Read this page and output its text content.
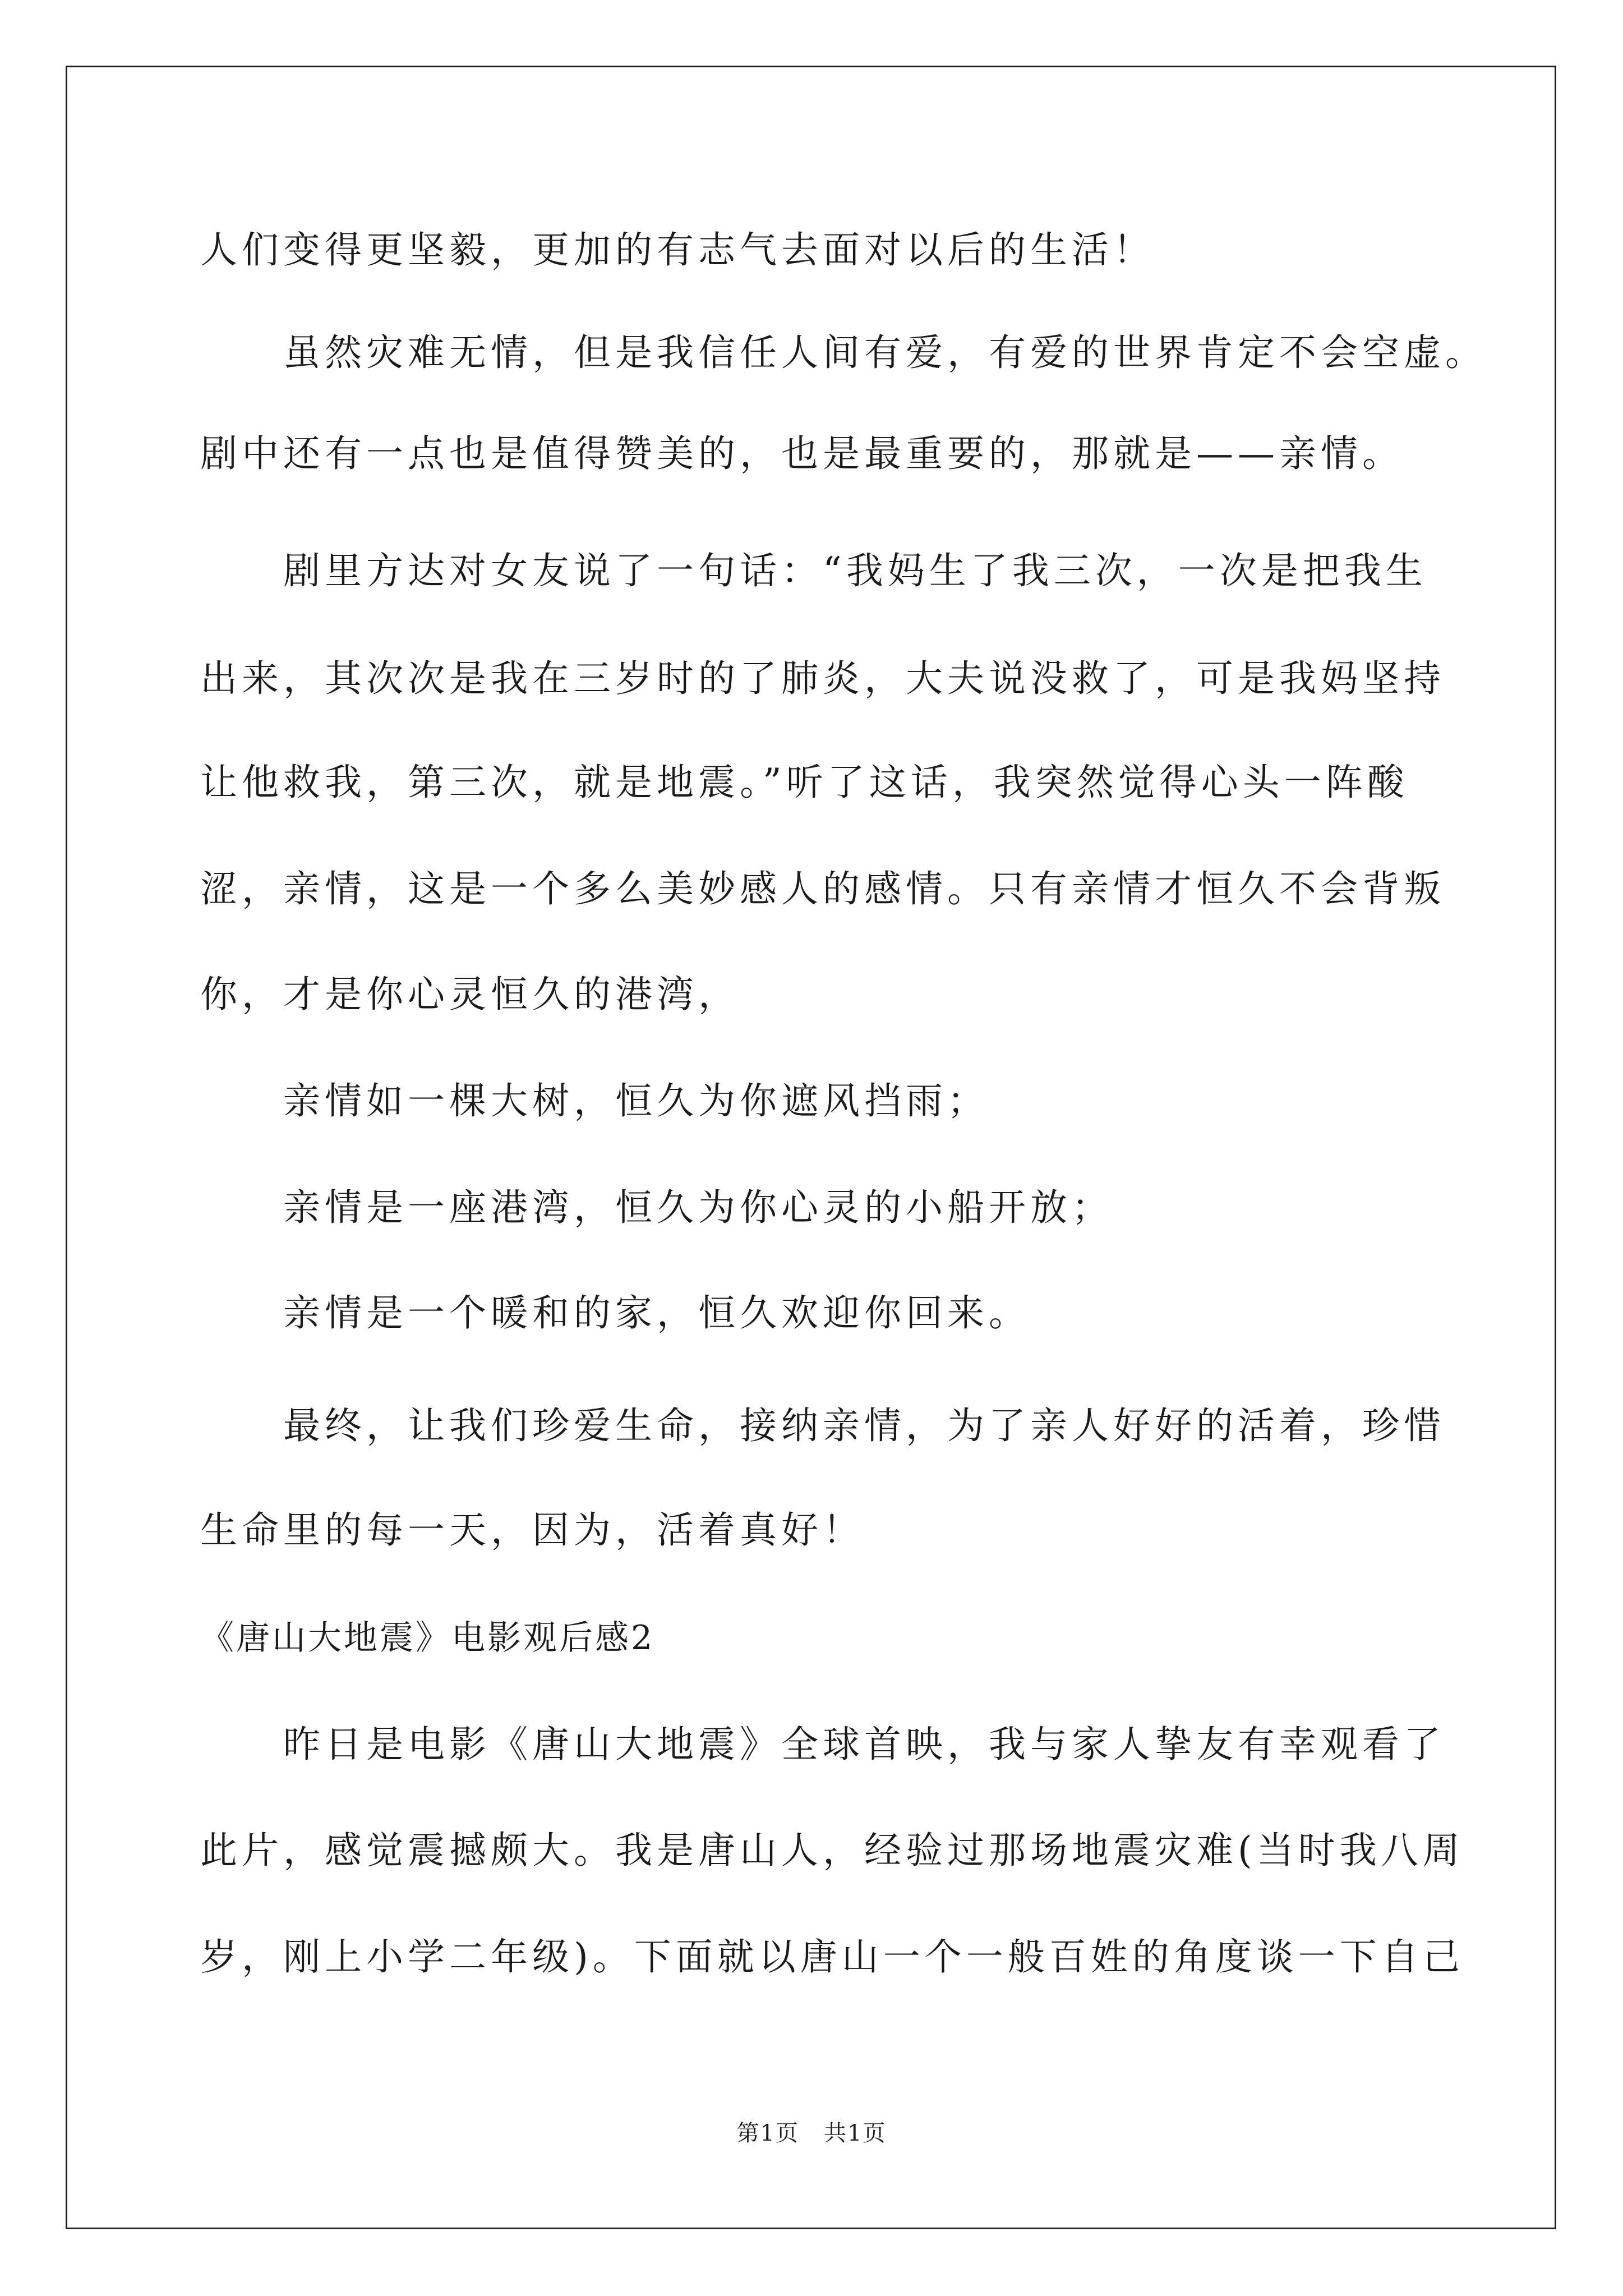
人们变得更坚毅，更加的有志气去面对以后的生活！
虽然灾难无情，但是我信任人间有爱，有爱的世界肯定不会空虚。
剧中还有一点也是值得赞美的，也是最重要的，那就是——亲情。
剧里方达对女友说了一句话：“我妈生了我三次，一次是把我生
出来，其次次是我在三岁时的了肺炎，大夫说没救了，可是我妈坚持
让他救我，第三次，就是地震。”听了这话，我突然觉得心头一阵酸
涩，亲情，这是一个多么美妙感人的感情。只有亲情才恒久不会背叛
你，才是你心灵恒久的港湾，
亲情如一棵大树，恒久为你遮风挡雨；
亲情是一座港湾，恒久为你心灵的小船开放；
亲情是一个暖和的家，恒久欢迎你回来。
最终，让我们珍爱生命，接纳亲情，为了亲人好好的活着，珍惜
生命里的每一天，因为，活着真好！
《唐山大地震》电影观后感2
昨日是电影《唐山大地震》全球首映，我与家人挚友有幸观看了
此片，感觉震撼颇大。我是唐山人，经验过那场地震灾难(当时我八周
岁，刚上小学二年级)。下面就以唐山一个一般百姓的角度谈一下自己
第1页 共1页
